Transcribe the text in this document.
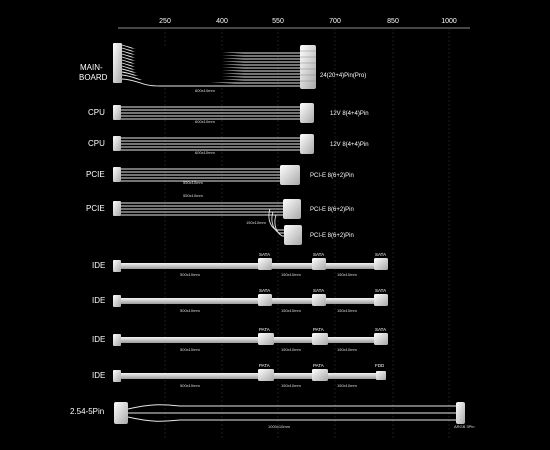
250	400	550	700	850	1000
MAIN-
BOARD
600x10mm
24(20+4)Pin(Pro)
CPU
600x10mm
12V 8(4+4)Pin
CPU
600x10mm
12V 8(4+4)Pin
PCIE
550x10mm
PCI-E 8(6+2)Pin
PCIE
550x10mm
150x10mm
PCI-E 8(6+2)Pin
PCI-E 8(6+2)Pin
IDE
SATA	SATA	SATA
500x10mm	150x10mm	150x10mm
IDE
SATA	SATA	SATA
500x10mm	150x10mm	150x10mm
IDE
PATA	PATA	SATA
500x10mm	150x10mm	150x10mm
IDE
PATA	PATA	FDD
500x10mm	150x10mm	150x10mm
2.54-5Pin
1000x10mm	ARGB 3Pin
